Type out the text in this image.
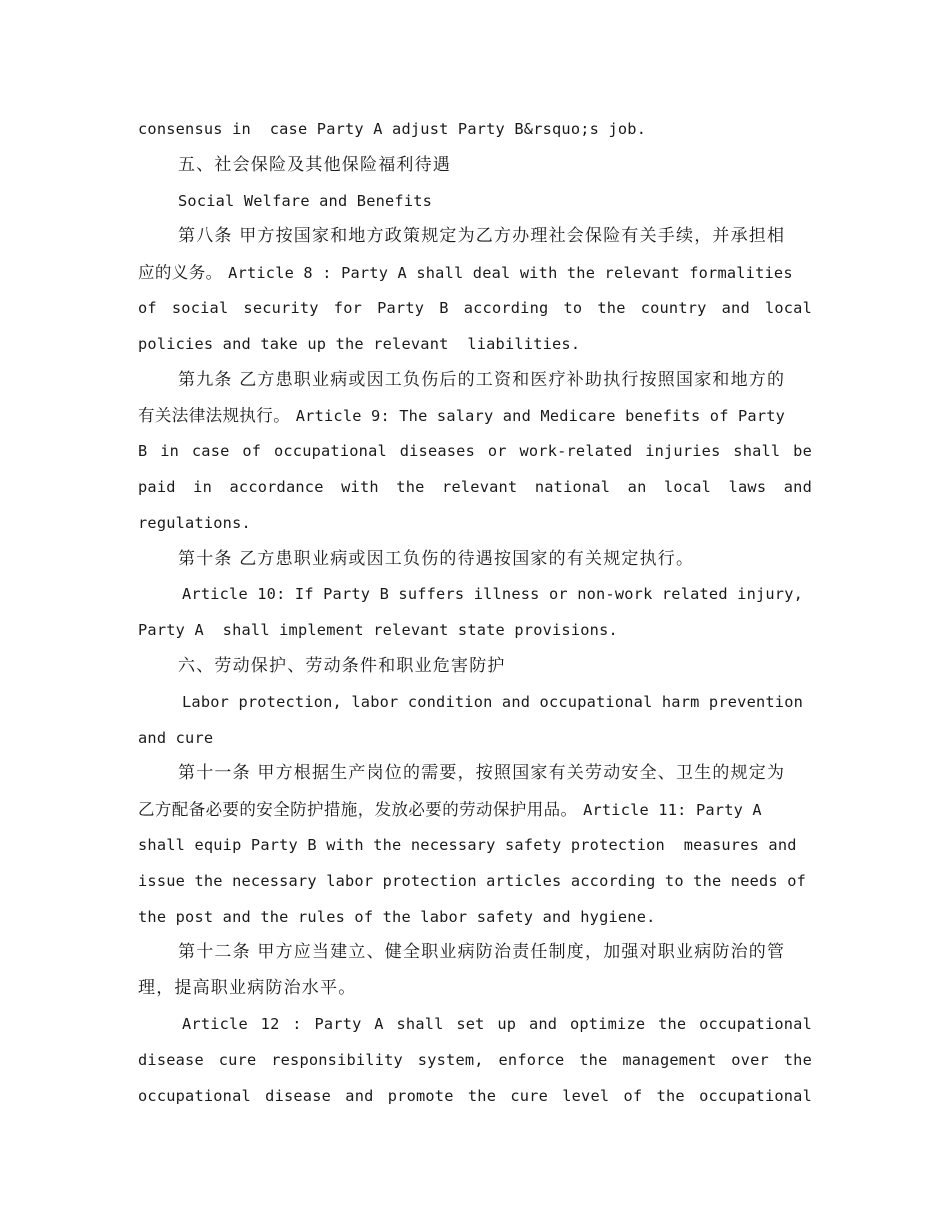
consensus in  case Party A adjust Party B&rsquo;s job.
五、社会保险及其他保险福利待遇
Social Welfare and Benefits
第八条 甲方按国家和地方政策规定为乙方办理社会保险有关手续，并承担相
应的义务。 Article 8 : Party A shall deal with the relevant formalities
of social security for Party B according to the country and local
policies and take up the relevant  liabilities.
第九条 乙方患职业病或因工负伤后的工资和医疗补助执行按照国家和地方的
有关法律法规执行。 Article 9: The salary and Medicare benefits of Party
B in case of occupational diseases or work-related injuries shall be
paid in accordance with the relevant national an local laws and
regulations.
第十条 乙方患职业病或因工负伤的待遇按国家的有关规定执行。
Article 10: If Party B suffers illness or non-work related injury,
Party A  shall implement relevant state provisions.
六、劳动保护、劳动条件和职业危害防护
Labor protection, labor condition and occupational harm prevention
and cure
第十一条 甲方根据生产岗位的需要，按照国家有关劳动安全、卫生的规定为
乙方配备必要的安全防护措施，发放必要的劳动保护用品。 Article 11: Party A
shall equip Party B with the necessary safety protection  measures and
issue the necessary labor protection articles according to the needs of
the post and the rules of the labor safety and hygiene.
第十二条 甲方应当建立、健全职业病防治责任制度，加强对职业病防治的管
理，提高职业病防治水平。
Article 12 : Party A shall set up and optimize the occupational
disease cure responsibility system, enforce the management over the
occupational disease and promote the cure level of the occupational
